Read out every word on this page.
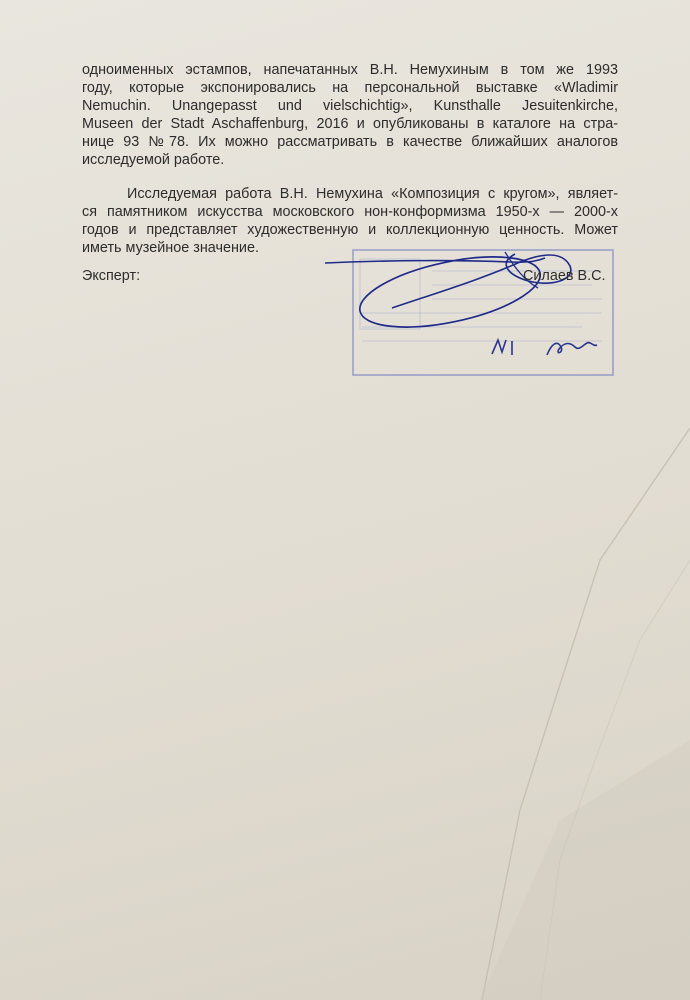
одноименных эстампов, напечатанных В.Н. Немухиным в том же 1993
году, которые экспонировались на персональной выставке «Wladimir
Nemuchin. Unangepasst und vielschichtig», Kunsthalle Jesuitenkirche,
Museen der Stadt Aschaffenburg, 2016 и опубликованы в каталоге на стра-
нице 93 №78. Их можно рассматривать в качестве ближайших аналогов
исследуемой работе.
Исследуемая работа В.Н. Немухина «Композиция с кругом», являет-
ся памятником искусства московского нон-конформизма 1950-х — 2000-х
годов и представляет художественную и коллекционную ценность. Может
иметь музейное значение.
Эксперт:	Силаев В.С.
